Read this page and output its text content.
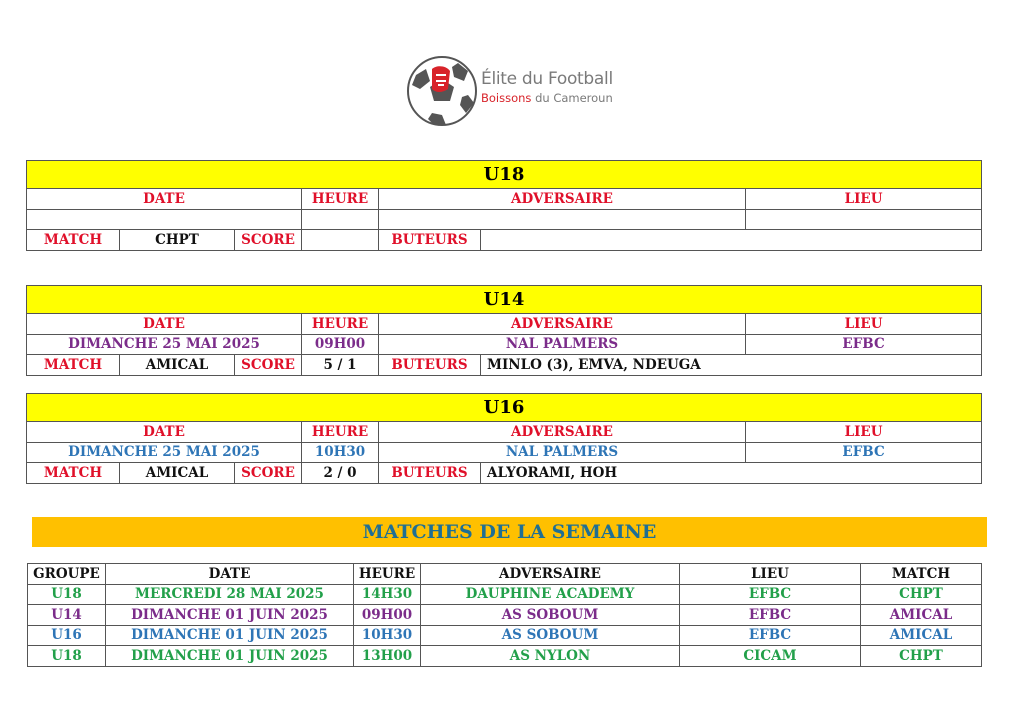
Élite du Football
Boissons du Cameroun
U18						
DATE			HEURE	ADVERSAIRE		LIEU

MATCH	CHPT	SCORE		BUTEURS		
U14						
DATE			HEURE	ADVERSAIRE		LIEU
DIMANCHE 25 MAI 2025			09H00	NAL PALMERS		EFBC
MATCH	AMICAL	SCORE	5 / 1	BUTEURS	MINLO (3), EMVA, NDEUGA	
U16						
DATE			HEURE	ADVERSAIRE		LIEU
DIMANCHE 25 MAI 2025			10H30	NAL PALMERS		EFBC
MATCH	AMICAL	SCORE	2 / 0	BUTEURS	ALYORAMI, HOH	
MATCHES DE LA SEMAINE
GROUPE	DATE	HEURE	ADVERSAIRE	LIEU	MATCH
U18	MERCREDI 28 MAI 2025	14H30	DAUPHINE ACADEMY	EFBC	CHPT
U14	DIMANCHE 01 JUIN 2025	09H00	AS SOBOUM	EFBC	AMICAL
U16	DIMANCHE 01 JUIN 2025	10H30	AS SOBOUM	EFBC	AMICAL
U18	DIMANCHE 01 JUIN 2025	13H00	AS NYLON	CICAM	CHPT
